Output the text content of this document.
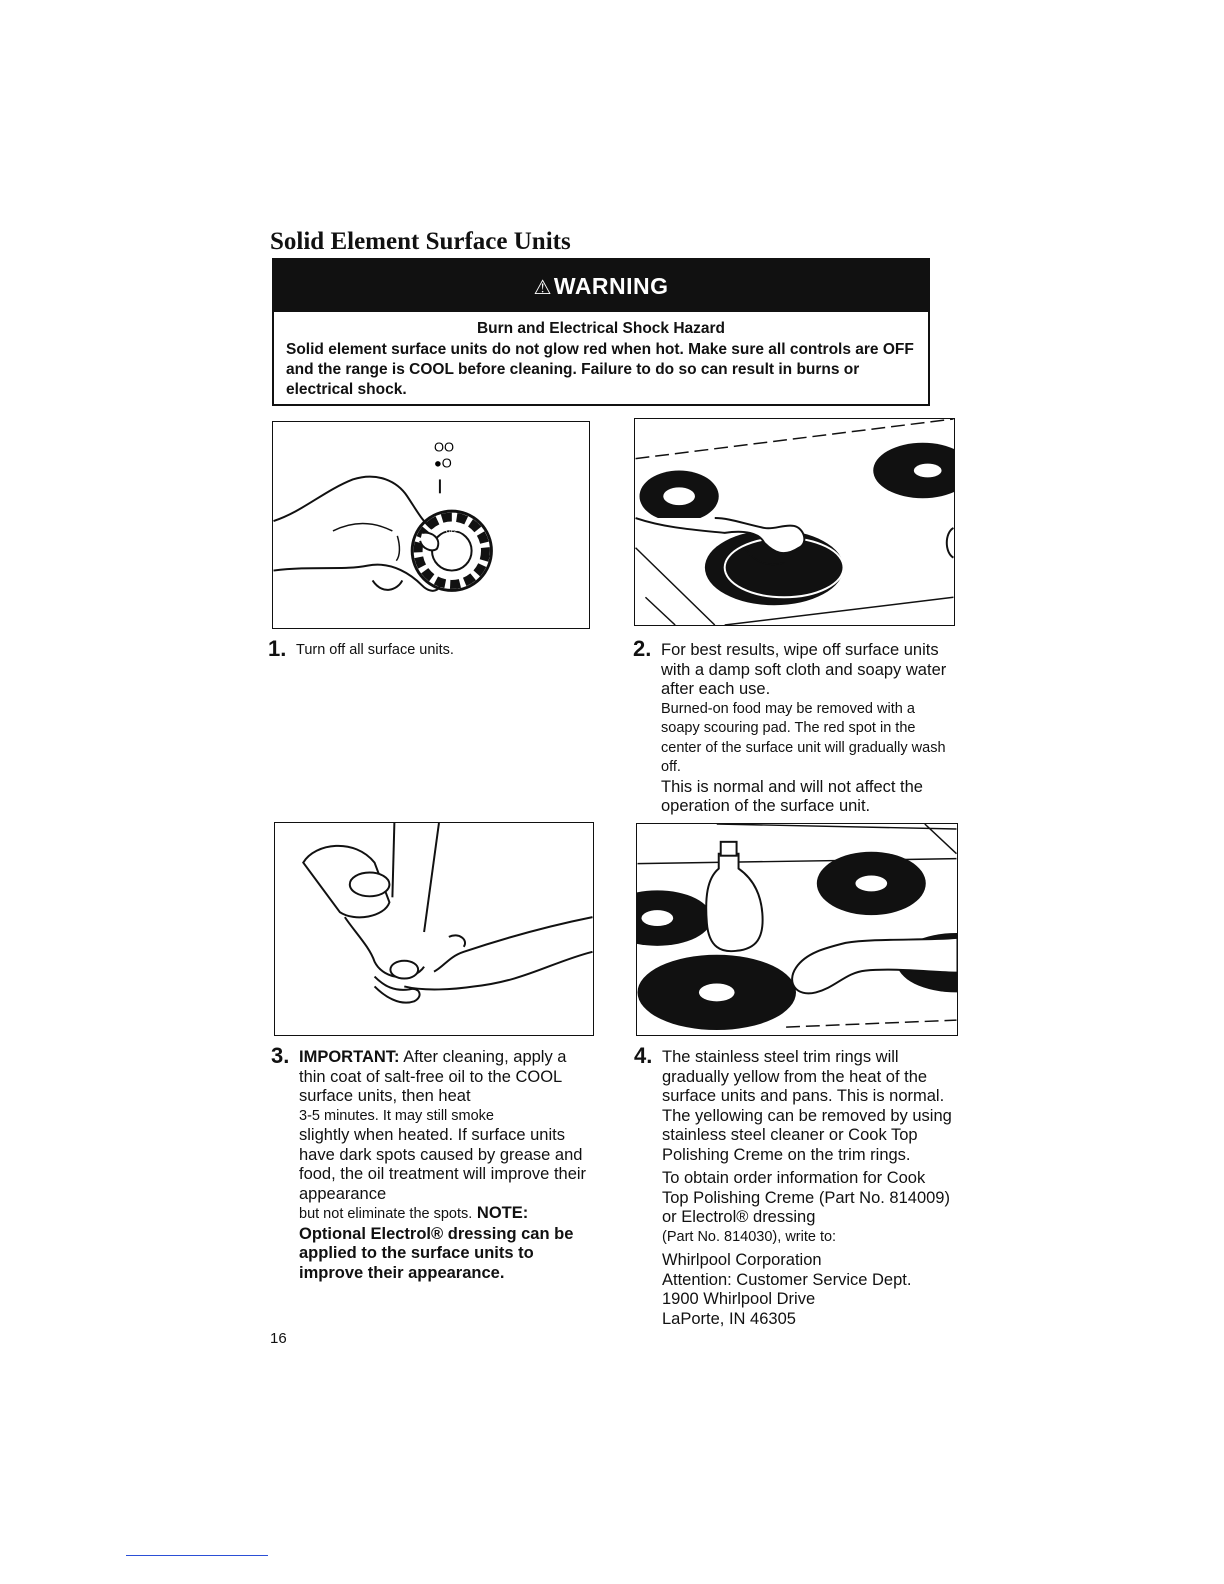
Solid Element Surface Units
⚠WARNING
Burn and Electrical Shock Hazard
Solid element surface units do not glow red when hot. Make sure all controls are OFF and the range is COOL before cleaning. Failure to do so can result in burns or electrical shock.
OO
●O
OFF
1. Turn off all surface units.	2. For best results, wipe off surface units with a damp soft cloth and soapy water after each use.

Burned-on food may be removed with a soapy scouring pad. The red spot in the center of the surface unit will gradually wash off.

This is normal and will not affect the operation of the surface unit.

3. IMPORTANT: After cleaning, apply a thin coat of salt-free oil to the COOL surface units, then heat

3-5 minutes. It may still smoke

slightly when heated. If surface units have dark spots caused by grease and food, the oil treatment will improve their appearance

but not eliminate the spots. NOTE:

Optional Electrol® dressing can be applied to the surface units to improve their appearance.

4. The stainless steel trim rings will gradually yellow from the heat of the surface units and pans. This is normal. The yellowing can be removed by using stainless steel cleaner or Cook Top Polishing Creme on the trim rings.

To obtain order information for Cook Top Polishing Creme (Part No. 814009) or Electrol® dressing

(Part No. 814030), write to:

Whirlpool Corporation

Attention: Customer Service Dept.

1900 Whirlpool Drive

LaPorte, IN 46305

16
